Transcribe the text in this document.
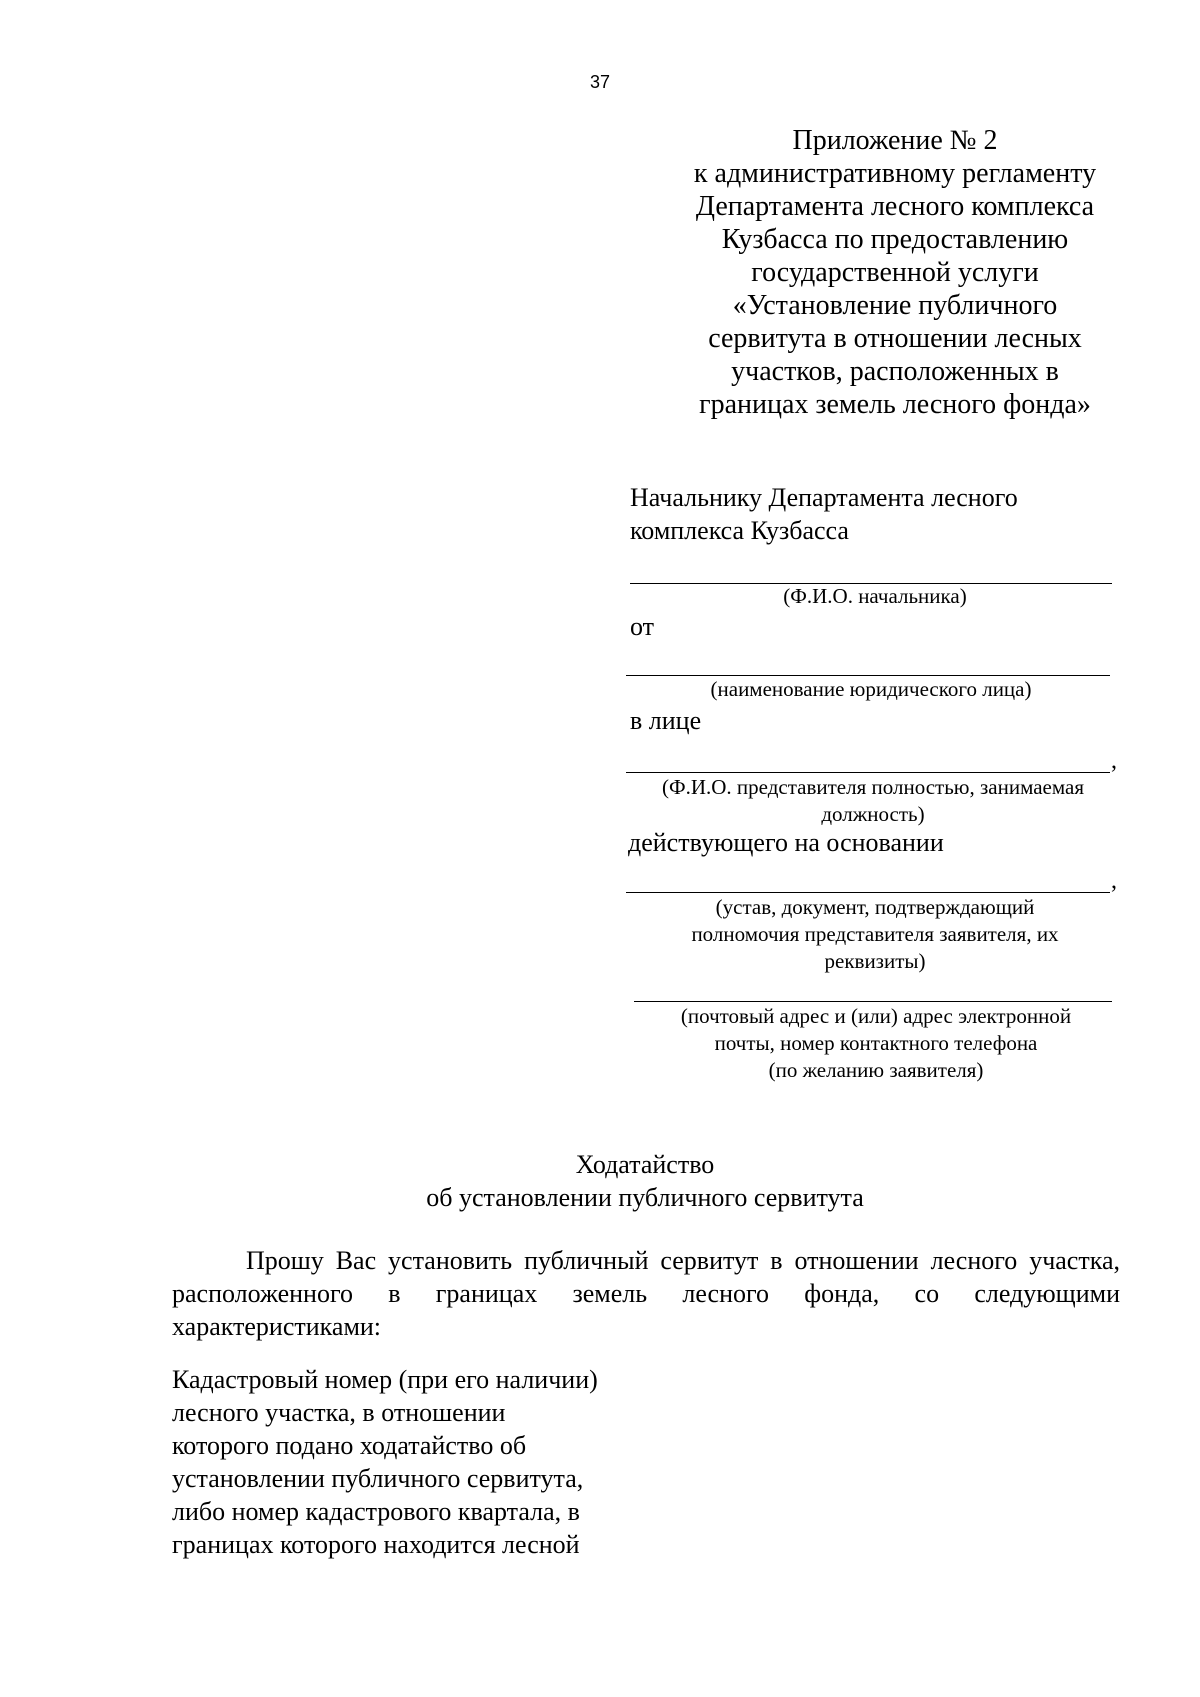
37
Приложение № 2
к административному регламенту
Департамента лесного комплекса
Кузбасса по предоставлению
государственной услуги
«Установление публичного
сервитута в отношении лесных
участков, расположенных в
границах земель лесного фонда»
Начальнику Департамента лесного
комплекса Кузбасса
(Ф.И.О. начальника)
от
(наименование юридического лица)
в лице
,
(Ф.И.О. представителя полностью, занимаемая
должность)
действующего на основании
,
(устав, документ, подтверждающий
полномочия представителя заявителя, их
реквизиты)
(почтовый адрес и (или) адрес электронной
почты, номер контактного телефона
(по желанию заявителя)
Ходатайство
об установлении публичного сервитута

Прошу Вас установить публичный сервитут в отношении лесного участка, расположенного в границах земель лесного фонда, со следующими характеристиками:

Кадастровый номер (при его наличии)
лесного участка, в отношении
которого подано ходатайство об
установлении публичного сервитута,
либо номер кадастрового квартала, в
границах которого находится лесной
